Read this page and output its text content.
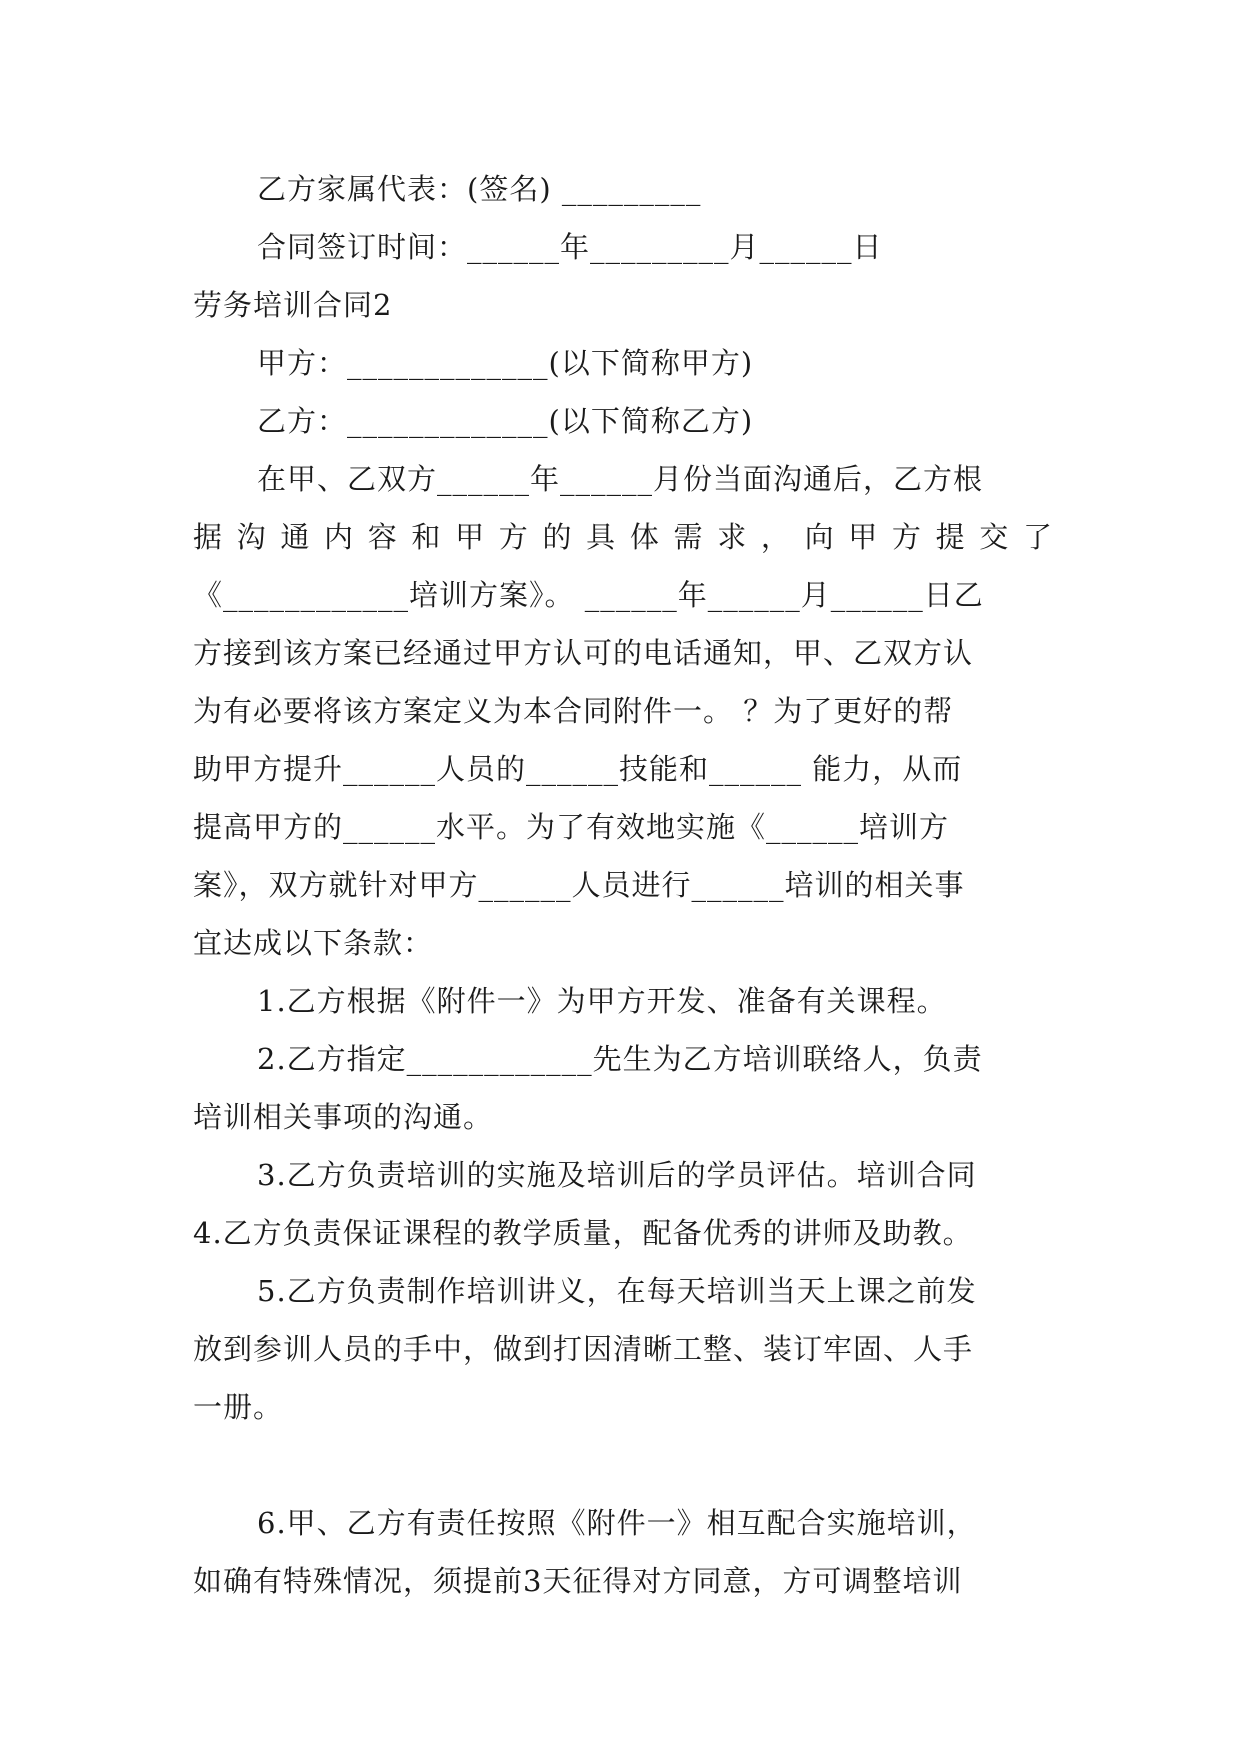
乙方家属代表：(签名) _________
合同签订时间：______年_________月______日
劳务培训合同2
甲方：_____________(以下简称甲方)
乙方：_____________(以下简称乙方)
在甲、乙双方______年______月份当面沟通后，乙方根
据沟通内容和甲方的具体需求，向甲方提交了
《____________培训方案》。 ______年______月______日乙
方接到该方案已经通过甲方认可的电话通知，甲、乙双方认
为有必要将该方案定义为本合同附件一。 ？为了更好的帮
助甲方提升______人员的______技能和______ 能力，从而
提高甲方的______水平。为了有效地实施《______培训方
案》，双方就针对甲方______人员进行______培训的相关事
宜达成以下条款：
1.乙方根据《附件一》为甲方开发、准备有关课程。
2.乙方指定____________先生为乙方培训联络人，负责
培训相关事项的沟通。
3.乙方负责培训的实施及培训后的学员评估。培训合同
4.乙方负责保证课程的教学质量，配备优秀的讲师及助教。
5.乙方负责制作培训讲义，在每天培训当天上课之前发
放到参训人员的手中，做到打因清晰工整、装订牢固、人手
一册。
6.甲、乙方有责任按照《附件一》相互配合实施培训，
如确有特殊情况，须提前3天征得对方同意，方可调整培训
